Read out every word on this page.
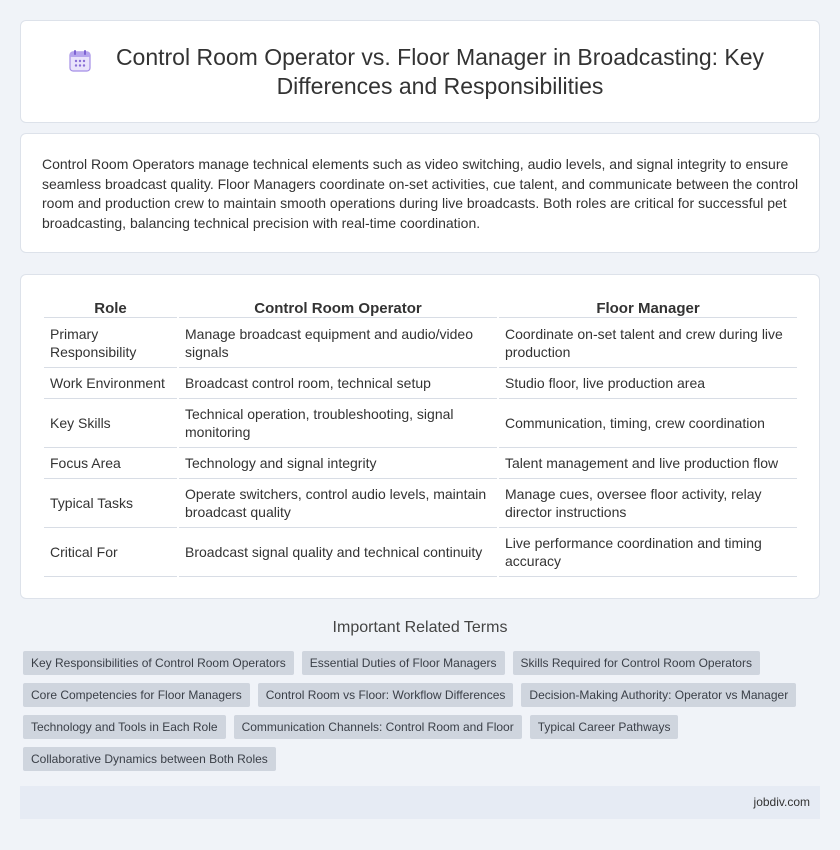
Control Room Operator vs. Floor Manager in Broadcasting: Key Differences and Responsibilities

Control Room Operators manage technical elements such as video switching, audio levels, and signal integrity to ensure seamless broadcast quality. Floor Managers coordinate on-set activities, cue talent, and communicate between the control room and production crew to maintain smooth operations during live broadcasts. Both roles are critical for successful pet broadcasting, balancing technical precision with real-time coordination.

Role	Control Room Operator	Floor Manager
Primary Responsibility	Manage broadcast equipment and audio/video signals	Coordinate on-set talent and crew during live production
Work Environment	Broadcast control room, technical setup	Studio floor, live production area
Key Skills	Technical operation, troubleshooting, signal monitoring	Communication, timing, crew coordination
Focus Area	Technology and signal integrity	Talent management and live production flow
Typical Tasks	Operate switchers, control audio levels, maintain broadcast quality	Manage cues, oversee floor activity, relay director instructions
Critical For	Broadcast signal quality and technical continuity	Live performance coordination and timing accuracy
Important Related Terms
Key Responsibilities of Control Room Operators	Essential Duties of Floor Managers	Skills Required for Control Room Operators
Core Competencies for Floor Managers	Control Room vs Floor: Workflow Differences	Decision-Making Authority: Operator vs Manager
Technology and Tools in Each Role	Communication Channels: Control Room and Floor	Typical Career Pathways
Collaborative Dynamics between Both Roles
jobdiv.com
